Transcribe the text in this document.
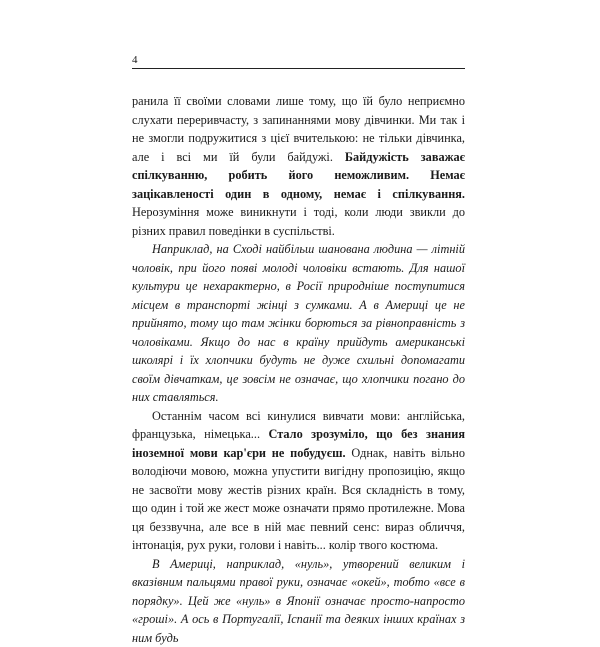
4

ранила її своїми словами лише тому, що їй було неприємно слухати переривчасту, з запинаннями мову дівчинки. Ми так і не змогли подружитися з цієї вчителькою: не тільки дівчинка, але і всі ми їй були байдужі. Байдужість заважає спілкуванню, робить його неможливим. Немає зацікавленості один в одному, немає і спілкування. Нерозуміння може виникнути і тоді, коли люди звикли до різних правил поведінки в суспільстві.

Наприклад, на Сході найбільш шанована людина — літній чоловік, при його появі молоді чоловіки встають. Для нашої культури це нехарактерно, в Росії природніше поступитися місцем в транспорті жінці з сумками. А в Америці це не прийнято, тому що там жінки борються за рівноправність з чоловіками. Якщо до нас в країну прийдуть американські школярі і їх хлопчики будуть не дуже схильні допомагати своїм дівчаткам, це зовсім не означає, що хлопчики погано до них ставляться.

Останнім часом всі кинулися вивчати мови: англійська, французька, німецька... Стало зрозуміло, що без знания іноземної мови кар'єри не побудуєш. Однак, навіть вільно володіючи мовою, можна упустити вигідну пропозицію, якщо не засвоїти мову жестів різних країн. Вся складність в тому, що один і той же жест може означати прямо протилежне. Мова ця беззвучна, але все в ній має певний сенс: вираз обличчя, інтонація, рух руки, голови і навіть... колір твого костюма.

В Америці, наприклад, «нуль», утворений великим і вказівним пальцями правої руки, означає «окей», тобто «все в порядку». Цей же «нуль» в Японії означає просто-напросто «гроші». А ось в Португалії, Іспанії та деяких інших країнах з ним будь
